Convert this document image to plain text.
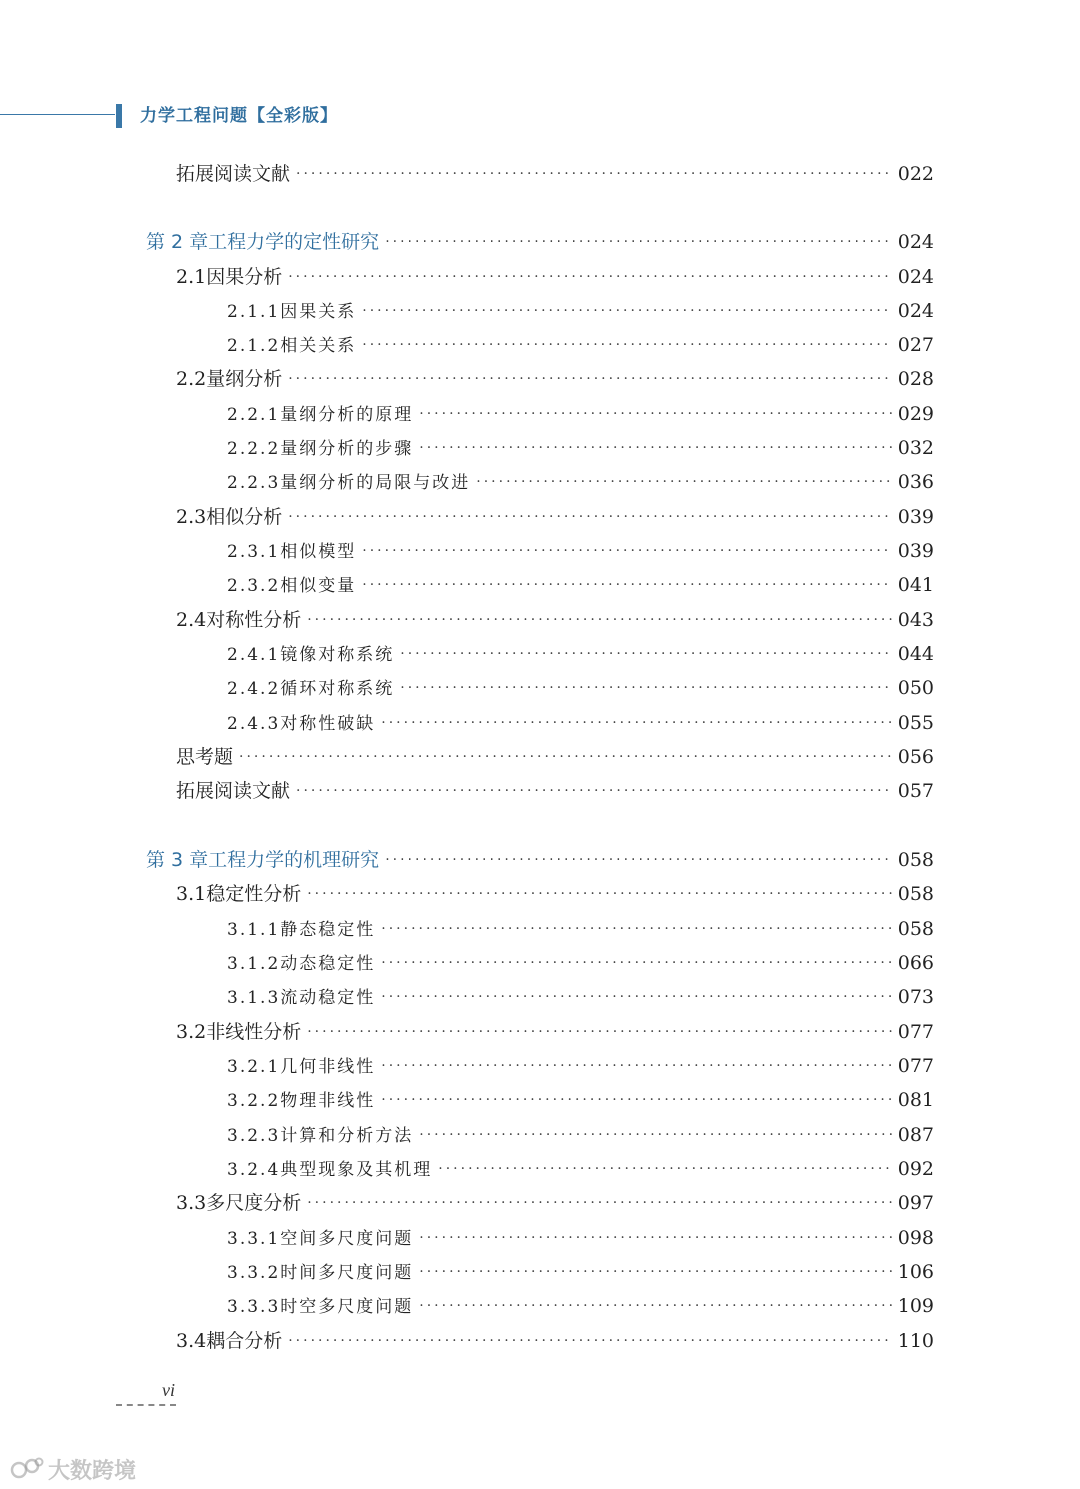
力学工程问题【全彩版】
拓展阅读文献 ·····	022
第 2 章 工程力学的定性研究 ·····	024
2.1 因果分析 ·····	024
2.1.1 因果关系 ·····	024
2.1.2 相关关系 ·····	027
2.2 量纲分析 ·····	028
2.2.1 量纲分析的原理 ·····	029
2.2.2 量纲分析的步骤 ·····	032
2.2.3 量纲分析的局限与改进 ·····	036
2.3 相似分析 ·····	039
2.3.1 相似模型 ·····	039
2.3.2 相似变量 ·····	041
2.4 对称性分析 ·····	043
2.4.1 镜像对称系统 ·····	044
2.4.2 循环对称系统 ·····	050
2.4.3 对称性破缺 ·····	055
思考题 ·····	056
拓展阅读文献 ·····	057
第 3 章 工程力学的机理研究 ·····	058
3.1 稳定性分析 ·····	058
3.1.1 静态稳定性 ·····	058
3.1.2 动态稳定性 ·····	066
3.1.3 流动稳定性 ·····	073
3.2 非线性分析 ·····	077
3.2.1 几何非线性 ·····	077
3.2.2 物理非线性 ·····	081
3.2.3 计算和分析方法 ·····	087
3.2.4 典型现象及其机理 ·····	092
3.3 多尺度分析 ·····	097
3.3.1 空间多尺度问题 ·····	098
3.3.2 时间多尺度问题 ·····	106
3.3.3 时空多尺度问题 ·····	109
3.4 耦合分析 ·····	110
vi
大数跨境
